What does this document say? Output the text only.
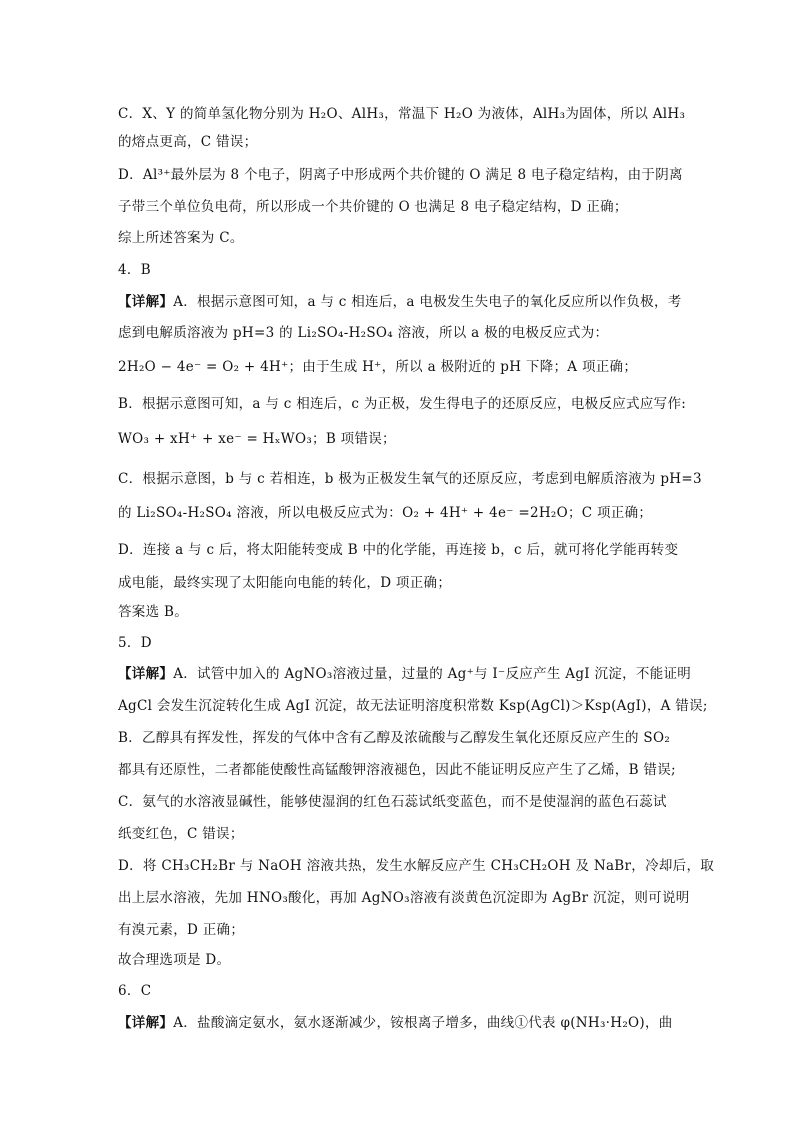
C．X、Y 的简单氢化物分别为 H₂O、AlH₃，常温下 H₂O 为液体，AlH₃为固体，所以 AlH₃
的熔点更高，C 错误；
D．Al³⁺最外层为 8 个电子，阴离子中形成两个共价键的 O 满足 8 电子稳定结构，由于阴离
子带三个单位负电荷，所以形成一个共价键的 O 也满足 8 电子稳定结构，D 正确；
综上所述答案为 C。
4．B
【详解】A．根据示意图可知，a 与 c 相连后，a 电极发生失电子的氧化反应所以作负极，考
虑到电解质溶液为 pH=3 的 Li₂SO₄-H₂SO₄ 溶液，所以 a 极的电极反应式为：
2H₂O − 4e⁻ = O₂ + 4H⁺；由于生成 H⁺，所以 a 极附近的 pH 下降；A 项正确；
B．根据示意图可知，a 与 c 相连后，c 为正极，发生得电子的还原反应，电极反应式应写作:
WO₃ + xH⁺ + xe⁻ = HₓWO₃；B 项错误；
C．根据示意图，b 与 c 若相连，b 极为正极发生氧气的还原反应，考虑到电解质溶液为 pH=3
的 Li₂SO₄-H₂SO₄ 溶液，所以电极反应式为：O₂ + 4H⁺ + 4e⁻ =2H₂O；C 项正确；
D．连接 a 与 c 后，将太阳能转变成 B 中的化学能，再连接 b，c 后，就可将化学能再转变
成电能，最终实现了太阳能向电能的转化，D 项正确；
答案选 B。
5．D
【详解】A．试管中加入的 AgNO₃溶液过量，过量的 Ag⁺与 I⁻反应产生 AgI 沉淀，不能证明
AgCl 会发生沉淀转化生成 AgI 沉淀，故无法证明溶度积常数 Ksp(AgCl)＞Ksp(AgI)，A 错误;
B．乙醇具有挥发性，挥发的气体中含有乙醇及浓硫酸与乙醇发生氧化还原反应产生的 SO₂
都具有还原性，二者都能使酸性高锰酸钾溶液褪色，因此不能证明反应产生了乙烯，B 错误;
C．氨气的水溶液显碱性，能够使湿润的红色石蕊试纸变蓝色，而不是使湿润的蓝色石蕊试
纸变红色，C 错误；
D．将 CH₃CH₂Br 与 NaOH 溶液共热，发生水解反应产生 CH₃CH₂OH 及 NaBr，冷却后，取
出上层水溶液，先加 HNO₃酸化，再加 AgNO₃溶液有淡黄色沉淀即为 AgBr 沉淀，则可说明
有溴元素，D 正确；
故合理选项是 D。
6．C
【详解】A．盐酸滴定氨水，氨水逐渐减少，铵根离子增多，曲线①代表 φ(NH₃·H₂O)，曲
